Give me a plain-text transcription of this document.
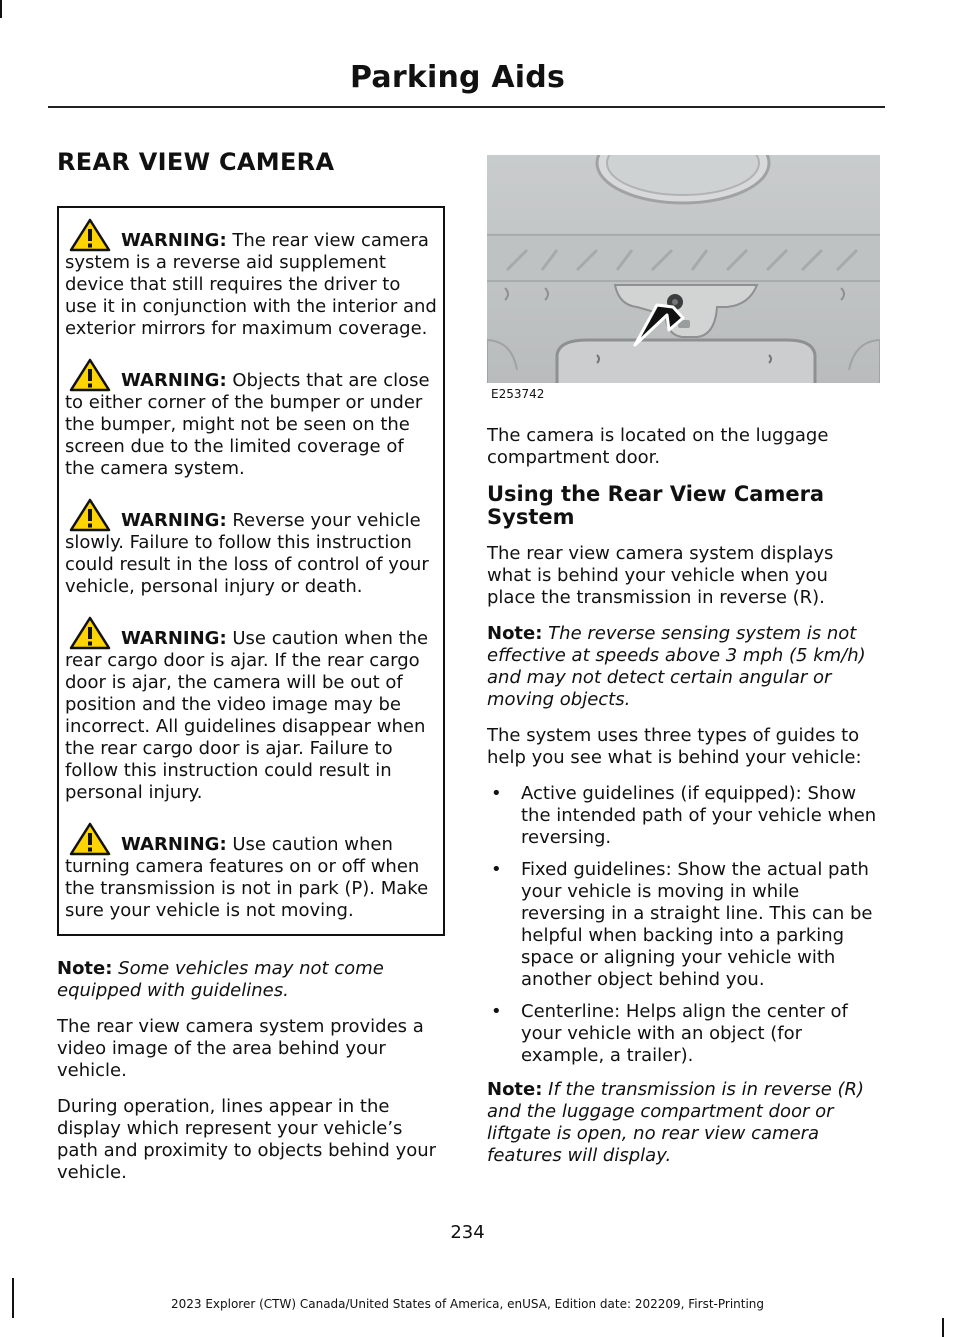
Parking Aids
REAR VIEW CAMERA

WARNING: The rear view camera system is a reverse aid supplement device that still requires the driver to use it in conjunction with the interior and exterior mirrors for maximum coverage.

WARNING: Objects that are close to either corner of the bumper or under the bumper, might not be seen on the screen due to the limited coverage of the camera system.

WARNING: Reverse your vehicle slowly. Failure to follow this instruction could result in the loss of control of your vehicle, personal injury or death.

WARNING: Use caution when the rear cargo door is ajar. If the rear cargo door is ajar, the camera will be out of position and the video image may be incorrect. All guidelines disappear when the rear cargo door is ajar. Failure to follow this instruction could result in personal injury.

WARNING: Use caution when turning camera features on or off when the transmission is not in park (P). Make sure your vehicle is not moving.

Note: Some vehicles may not come equipped with guidelines.

The rear view camera system provides a video image of the area behind your vehicle.

During operation, lines appear in the display which represent your vehicle’s path and proximity to objects behind your vehicle.

E253742

The camera is located on the luggage compartment door.

Using the Rear View Camera System

The rear view camera system displays what is behind your vehicle when you place the transmission in reverse (R).

Note: The reverse sensing system is not effective at speeds above 3 mph (5 km/h) and may not detect certain angular or moving objects.

The system uses three types of guides to help you see what is behind your vehicle:

• Active guidelines (if equipped): Show the intended path of your vehicle when reversing.
• Fixed guidelines: Show the actual path your vehicle is moving in while reversing in a straight line. This can be helpful when backing into a parking space or aligning your vehicle with another object behind you.
• Centerline: Helps align the center of your vehicle with an object (for example, a trailer).

Note: If the transmission is in reverse (R) and the luggage compartment door or liftgate is open, no rear view camera features will display.

234
2023 Explorer (CTW) Canada/United States of America, enUSA, Edition date: 202209, First-Printing
